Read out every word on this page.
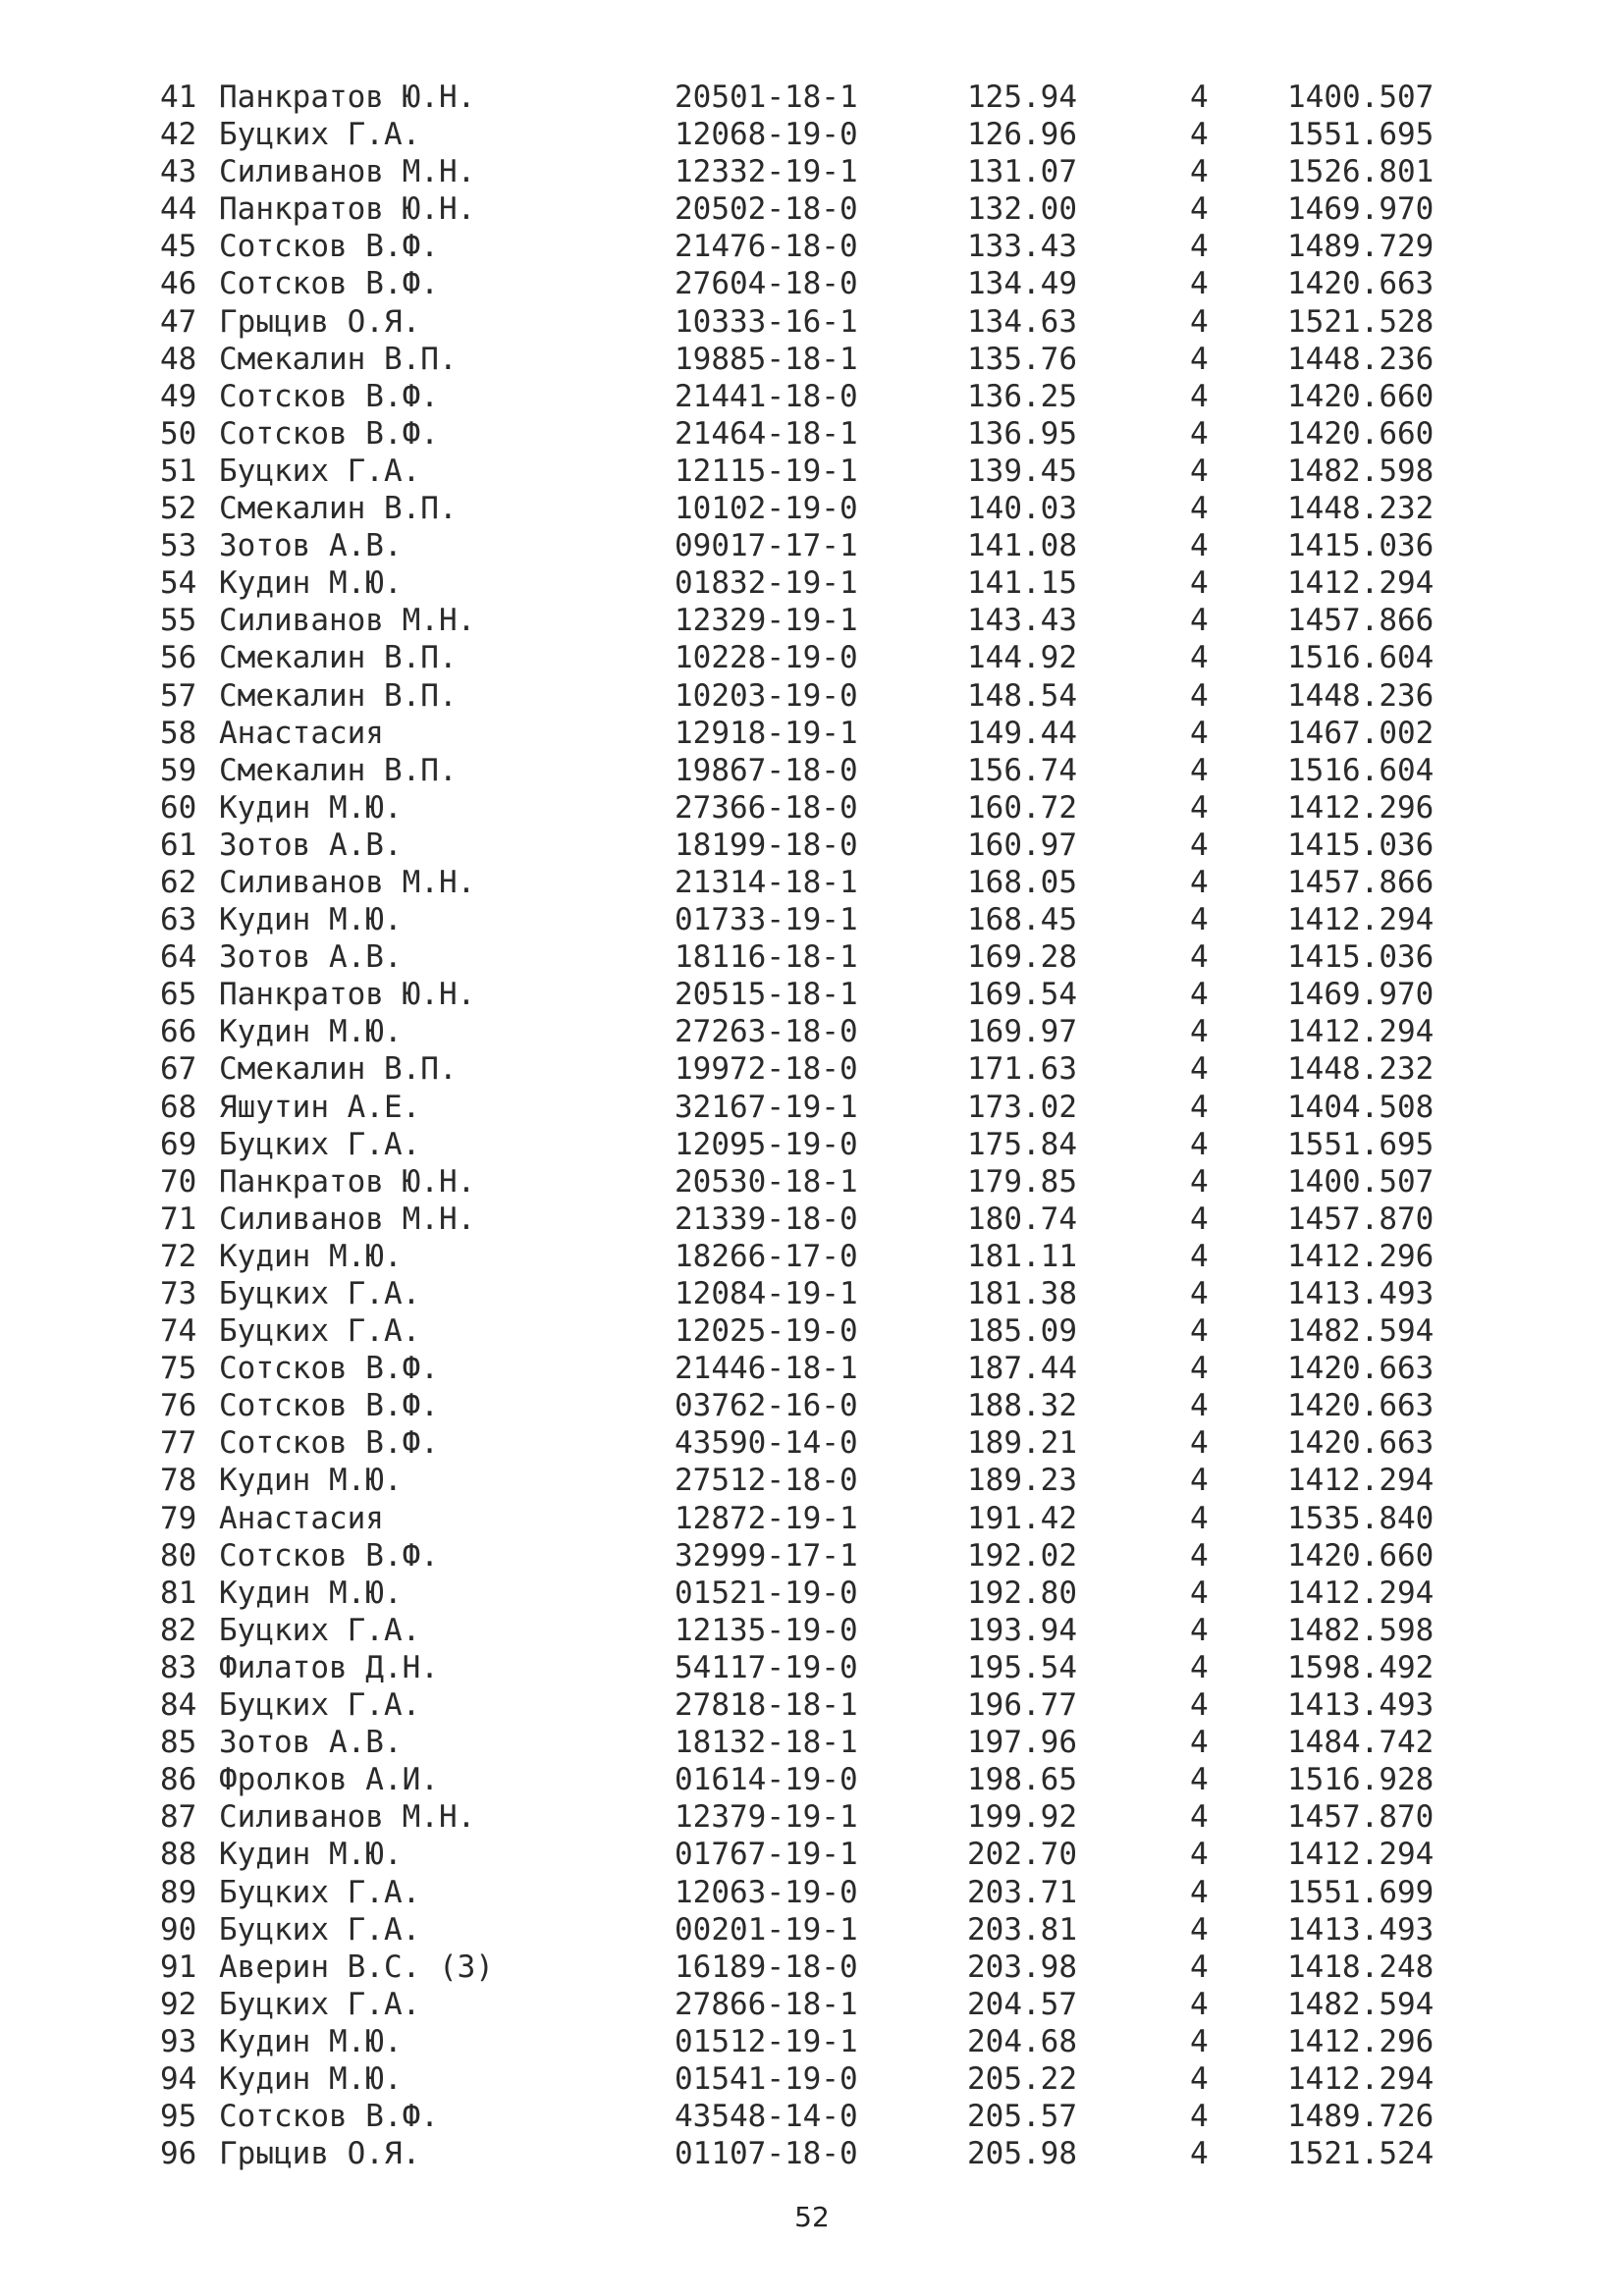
41 Панкратов Ю.Н.	20501-18-1	125.94	4	1400.507
42 Буцких Г.А.	12068-19-0	126.96	4	1551.695
43 Силиванов М.Н.	12332-19-1	131.07	4	1526.801
44 Панкратов Ю.Н.	20502-18-0	132.00	4	1469.970
45 Сотсков В.Ф.	21476-18-0	133.43	4	1489.729
46 Сотсков В.Ф.	27604-18-0	134.49	4	1420.663
47 Грыцив О.Я.	10333-16-1	134.63	4	1521.528
48 Смекалин В.П.	19885-18-1	135.76	4	1448.236
49 Сотсков В.Ф.	21441-18-0	136.25	4	1420.660
50 Сотсков В.Ф.	21464-18-1	136.95	4	1420.660
51 Буцких Г.А.	12115-19-1	139.45	4	1482.598
52 Смекалин В.П.	10102-19-0	140.03	4	1448.232
53 Зотов А.В.	09017-17-1	141.08	4	1415.036
54 Кудин М.Ю.	01832-19-1	141.15	4	1412.294
55 Силиванов М.Н.	12329-19-1	143.43	4	1457.866
56 Смекалин В.П.	10228-19-0	144.92	4	1516.604
57 Смекалин В.П.	10203-19-0	148.54	4	1448.236
58 Анастасия	12918-19-1	149.44	4	1467.002
59 Смекалин В.П.	19867-18-0	156.74	4	1516.604
60 Кудин М.Ю.	27366-18-0	160.72	4	1412.296
61 Зотов А.В.	18199-18-0	160.97	4	1415.036
62 Силиванов М.Н.	21314-18-1	168.05	4	1457.866
63 Кудин М.Ю.	01733-19-1	168.45	4	1412.294
64 Зотов А.В.	18116-18-1	169.28	4	1415.036
65 Панкратов Ю.Н.	20515-18-1	169.54	4	1469.970
66 Кудин М.Ю.	27263-18-0	169.97	4	1412.294
67 Смекалин В.П.	19972-18-0	171.63	4	1448.232
68 Яшутин А.Е.	32167-19-1	173.02	4	1404.508
69 Буцких Г.А.	12095-19-0	175.84	4	1551.695
70 Панкратов Ю.Н.	20530-18-1	179.85	4	1400.507
71 Силиванов М.Н.	21339-18-0	180.74	4	1457.870
72 Кудин М.Ю.	18266-17-0	181.11	4	1412.296
73 Буцких Г.А.	12084-19-1	181.38	4	1413.493
74 Буцких Г.А.	12025-19-0	185.09	4	1482.594
75 Сотсков В.Ф.	21446-18-1	187.44	4	1420.663
76 Сотсков В.Ф.	03762-16-0	188.32	4	1420.663
77 Сотсков В.Ф.	43590-14-0	189.21	4	1420.663
78 Кудин М.Ю.	27512-18-0	189.23	4	1412.294
79 Анастасия	12872-19-1	191.42	4	1535.840
80 Сотсков В.Ф.	32999-17-1	192.02	4	1420.660
81 Кудин М.Ю.	01521-19-0	192.80	4	1412.294
82 Буцких Г.А.	12135-19-0	193.94	4	1482.598
83 Филатов Д.Н.	54117-19-0	195.54	4	1598.492
84 Буцких Г.А.	27818-18-1	196.77	4	1413.493
85 Зотов А.В.	18132-18-1	197.96	4	1484.742
86 Фролков А.И.	01614-19-0	198.65	4	1516.928
87 Силиванов М.Н.	12379-19-1	199.92	4	1457.870
88 Кудин М.Ю.	01767-19-1	202.70	4	1412.294
89 Буцких Г.А.	12063-19-0	203.71	4	1551.699
90 Буцких Г.А.	00201-19-1	203.81	4	1413.493
91 Аверин В.С. (З)	16189-18-0	203.98	4	1418.248
92 Буцких Г.А.	27866-18-1	204.57	4	1482.594
93 Кудин М.Ю.	01512-19-1	204.68	4	1412.296
94 Кудин М.Ю.	01541-19-0	205.22	4	1412.294
95 Сотсков В.Ф.	43548-14-0	205.57	4	1489.726
96 Грыцив О.Я.	01107-18-0	205.98	4	1521.524
52
